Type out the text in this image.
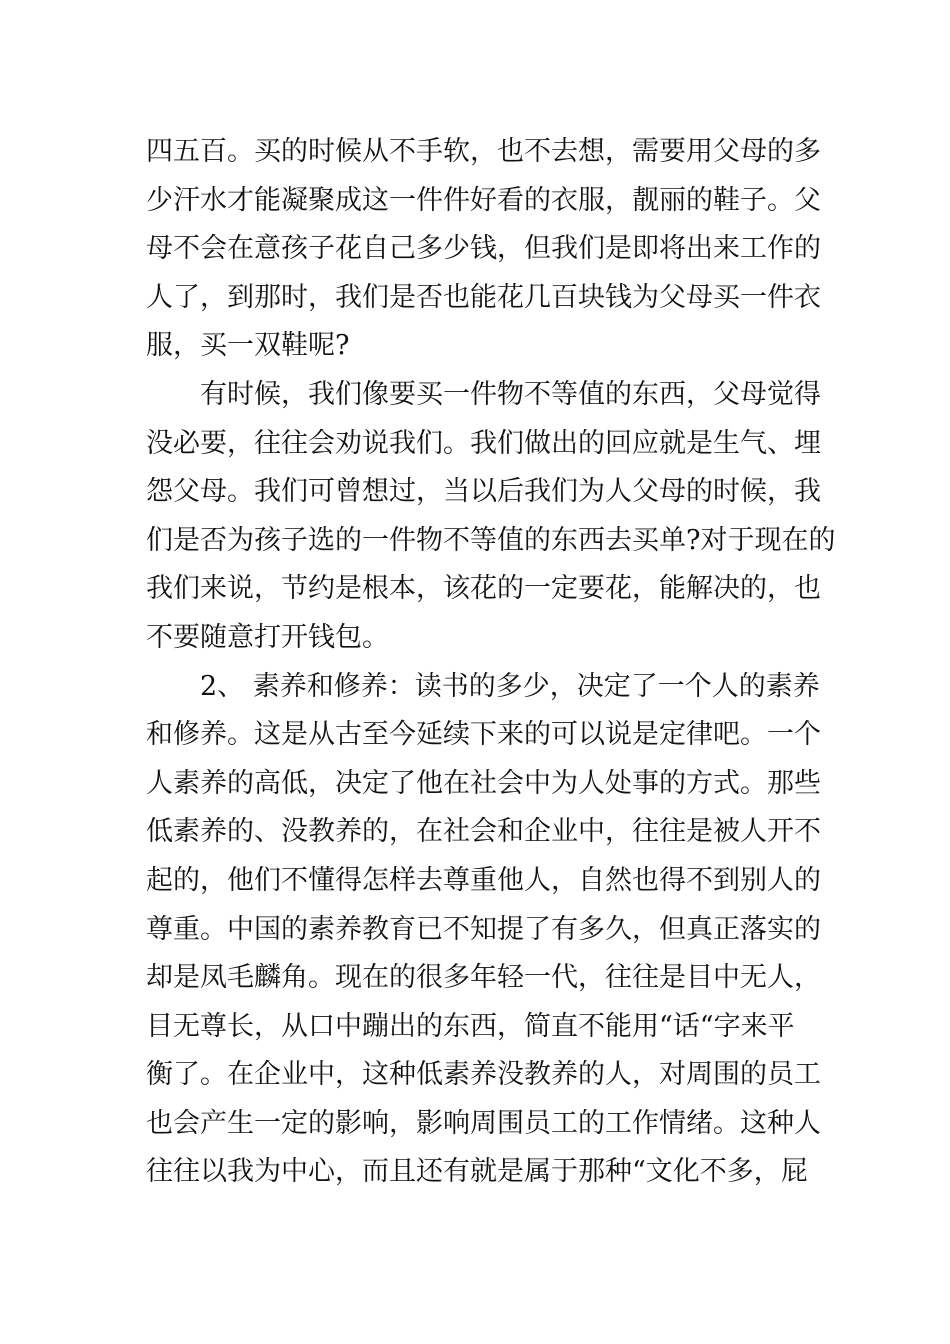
四五百。买的时候从不手软，也不去想，需要用父母的多
少汗水才能凝聚成这一件件好看的衣服，靓丽的鞋子。父
母不会在意孩子花自己多少钱，但我们是即将出来工作的
人了，到那时，我们是否也能花几百块钱为父母买一件衣
服，买一双鞋呢?
有时候，我们像要买一件物不等值的东西，父母觉得
没必要，往往会劝说我们。我们做出的回应就是生气、埋
怨父母。我们可曾想过，当以后我们为人父母的时候，我
们是否为孩子选的一件物不等值的东西去买单?对于现在的
我们来说，节约是根本，该花的一定要花，能解决的，也
不要随意打开钱包。
2、 素养和修养：读书的多少，决定了一个人的素养
和修养。这是从古至今延续下来的可以说是定律吧。一个
人素养的高低，决定了他在社会中为人处事的方式。那些
低素养的、没教养的，在社会和企业中，往往是被人开不
起的，他们不懂得怎样去尊重他人，自然也得不到别人的
尊重。中国的素养教育已不知提了有多久，但真正落实的
却是凤毛麟角。现在的很多年轻一代，往往是目中无人，
目无尊长，从口中蹦出的东西，简直不能用“话“字来平
衡了。在企业中，这种低素养没教养的人，对周围的员工
也会产生一定的影响，影响周围员工的工作情绪。这种人
往往以我为中心，而且还有就是属于那种“文化不多，屁
